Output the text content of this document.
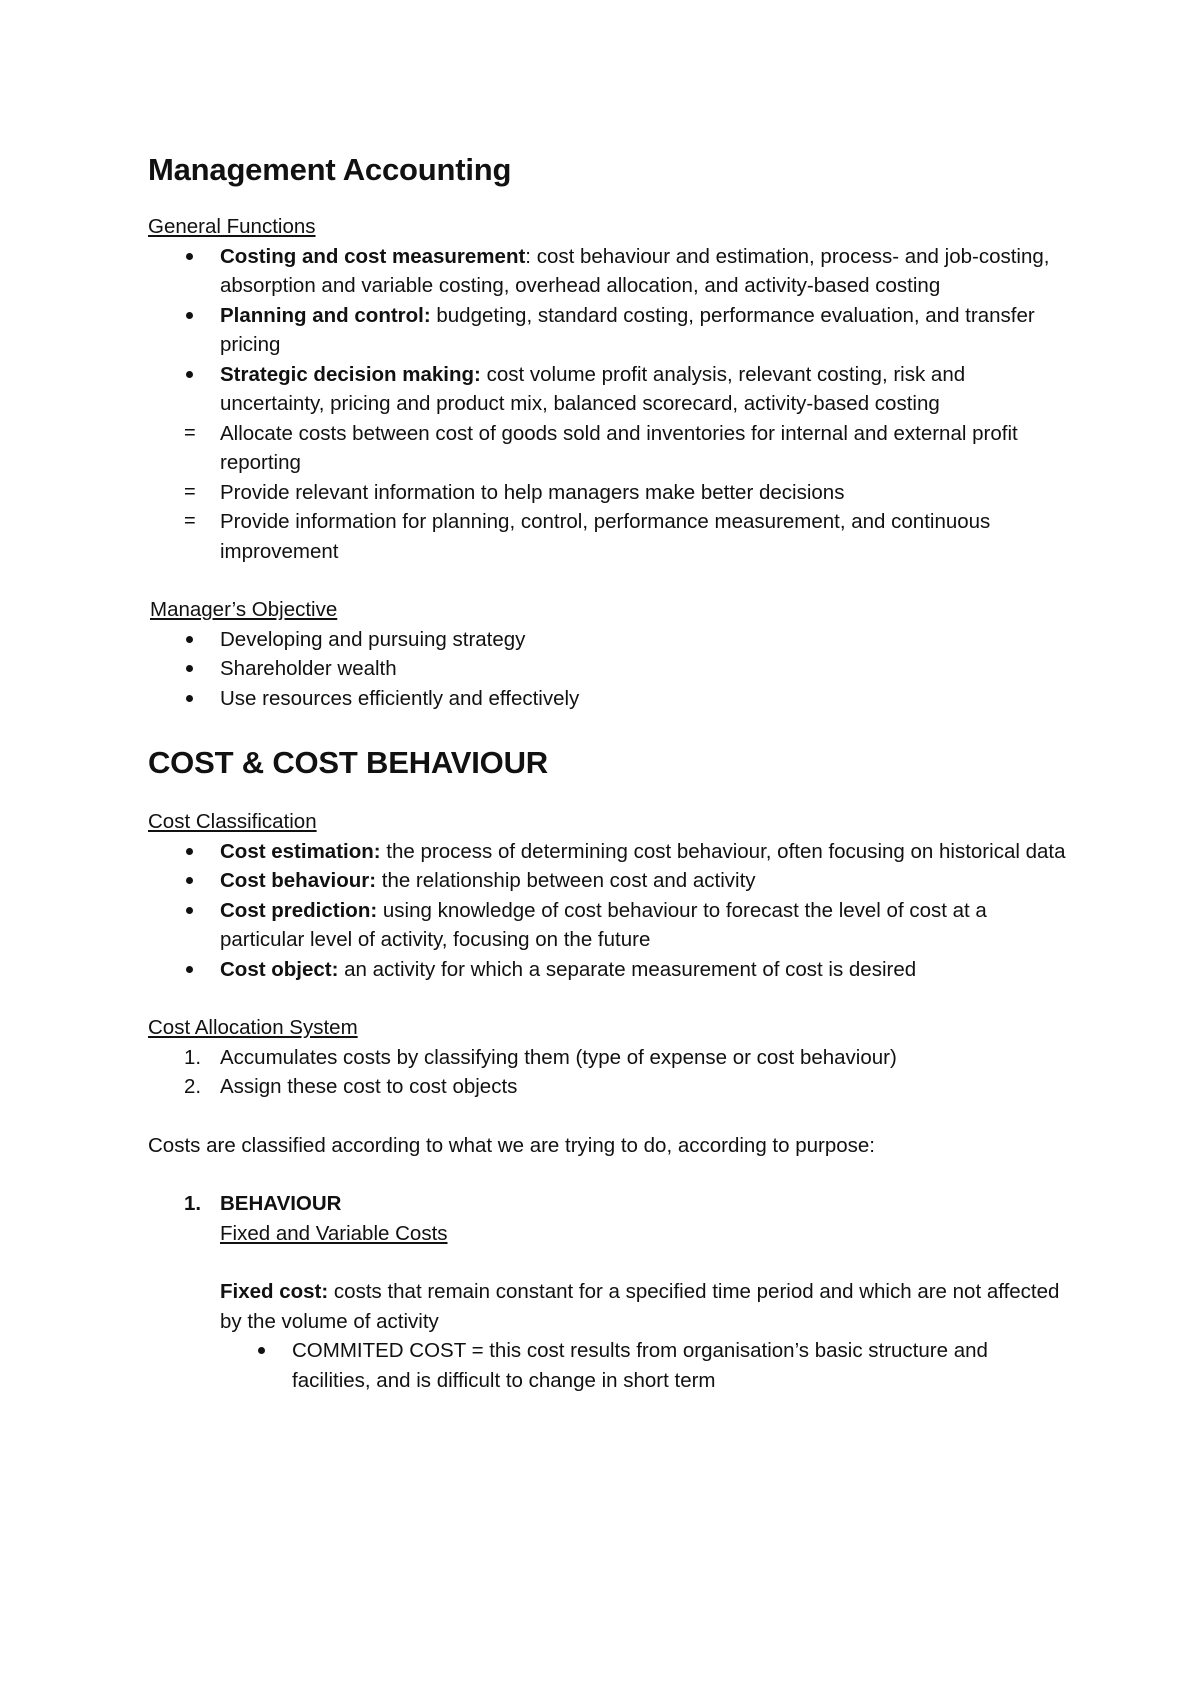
Management Accounting
General Functions
Costing and cost measurement: cost behaviour and estimation, process- and job-costing, absorption and variable costing, overhead allocation, and activity-based costing
Planning and control: budgeting, standard costing, performance evaluation, and transfer pricing
Strategic decision making: cost volume profit analysis, relevant costing, risk and uncertainty, pricing and product mix, balanced scorecard, activity-based costing
= Allocate costs between cost of goods sold and inventories for internal and external profit reporting
= Provide relevant information to help managers make better decisions
= Provide information for planning, control, performance measurement, and continuous improvement
Manager’s Objective
Developing and pursuing strategy
Shareholder wealth
Use resources efficiently and effectively
COST & COST BEHAVIOUR
Cost Classification
Cost estimation: the process of determining cost behaviour, often focusing on historical data
Cost behaviour: the relationship between cost and activity
Cost prediction: using knowledge of cost behaviour to forecast the level of cost at a particular level of activity, focusing on the future
Cost object: an activity for which a separate measurement of cost is desired
Cost Allocation System
1. Accumulates costs by classifying them (type of expense or cost behaviour)
2. Assign these cost to cost objects
Costs are classified according to what we are trying to do, according to purpose:
1. BEHAVIOUR
Fixed and Variable Costs
Fixed cost: costs that remain constant for a specified time period and which are not affected by the volume of activity
COMMITED COST = this cost results from organisation’s basic structure and facilities, and is difficult to change in short term
